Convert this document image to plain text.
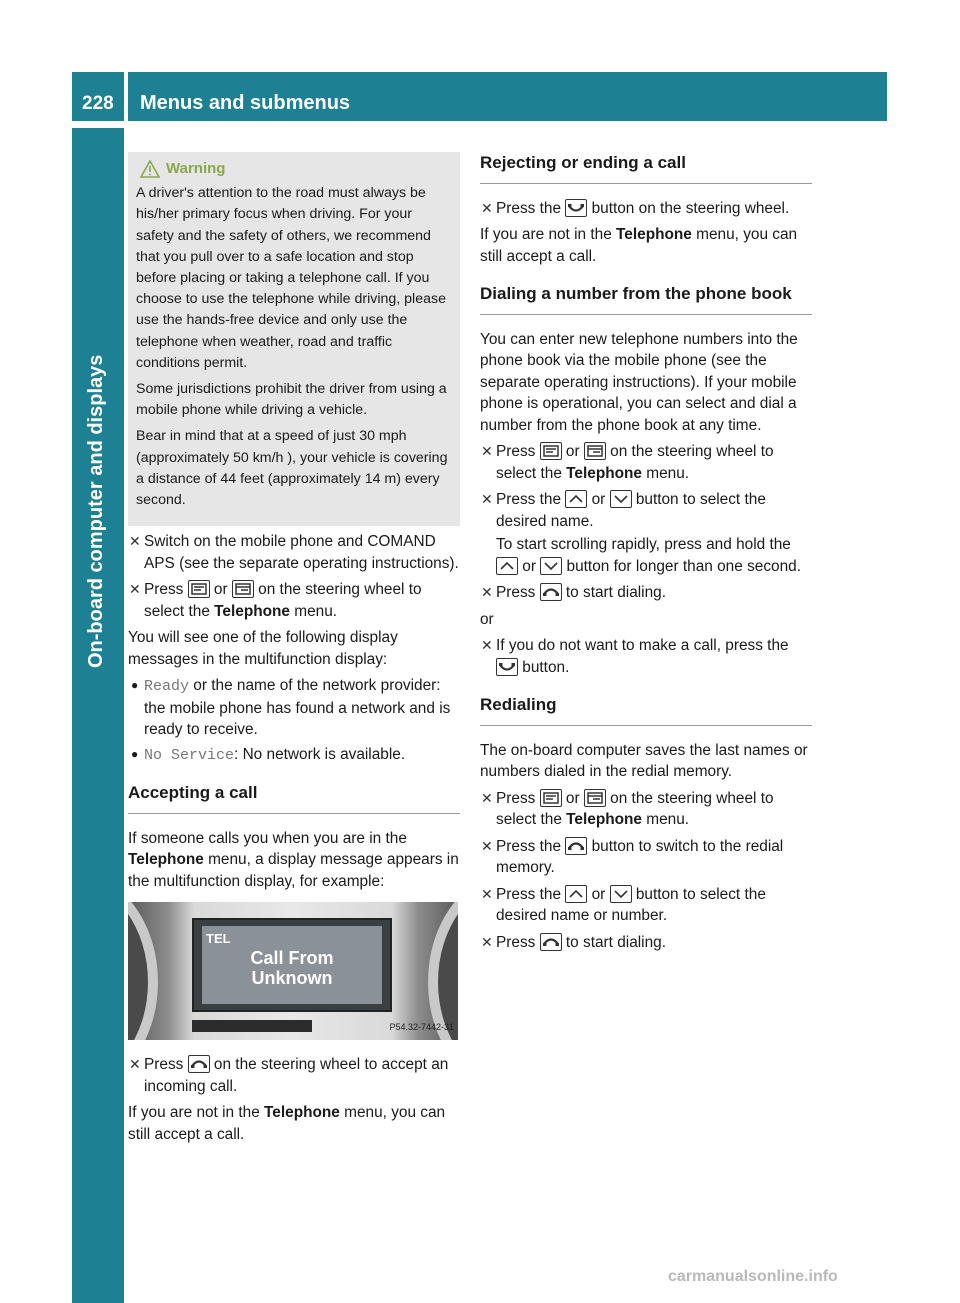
228	Menus and submenus
On-board computer and displays
Warning

A driver's attention to the road must always be his/her primary focus when driving. For your safety and the safety of others, we recommend that you pull over to a safe location and stop before placing or taking a telephone call. If you choose to use the telephone while driving, please use the hands-free device and only use the telephone when weather, road and traffic conditions permit.

Some jurisdictions prohibit the driver from using a mobile phone while driving a vehicle.

Bear in mind that at a speed of just 30 mph (approximately 50 km/h ), your vehicle is covering a distance of 44 feet (approximately 14 m) every second.

✕ Switch on the mobile phone and COMAND APS (see the separate operating instructions).
✕ Press or on the steering wheel to select the Telephone menu.
You will see one of the following display messages in the multifunction display:
● Ready or the name of the network provider: the mobile phone has found a network and is ready to receive.
● No Service: No network is available.
Accepting a call
If someone calls you when you are in the Telephone menu, a display message appears in the multifunction display, for example:
TEL
Call From
Unknown
P54.32-7442-31
✕ Press on the steering wheel to accept an incoming call.
If you are not in the Telephone menu, you can still accept a call.
Rejecting or ending a call
✕ Press the button on the steering wheel.
If you are not in the Telephone menu, you can still accept a call.
Dialing a number from the phone book
You can enter new telephone numbers into the phone book via the mobile phone (see the separate operating instructions). If your mobile phone is operational, you can select and dial a number from the phone book at any time.
✕ Press or on the steering wheel to select the Telephone menu.
✕ Press the or button to select the desired name.
To start scrolling rapidly, press and hold the
or button for longer than one second.
✕ Press to start dialing.
or
✕ If you do not want to make a call, press the
button.
Redialing
The on-board computer saves the last names or numbers dialed in the redial memory.
✕ Press or on the steering wheel to select the Telephone menu.
✕ Press the button to switch to the redial memory.
✕ Press the or button to select the desired name or number.
✕ Press to start dialing.
carmanualsonline.info
